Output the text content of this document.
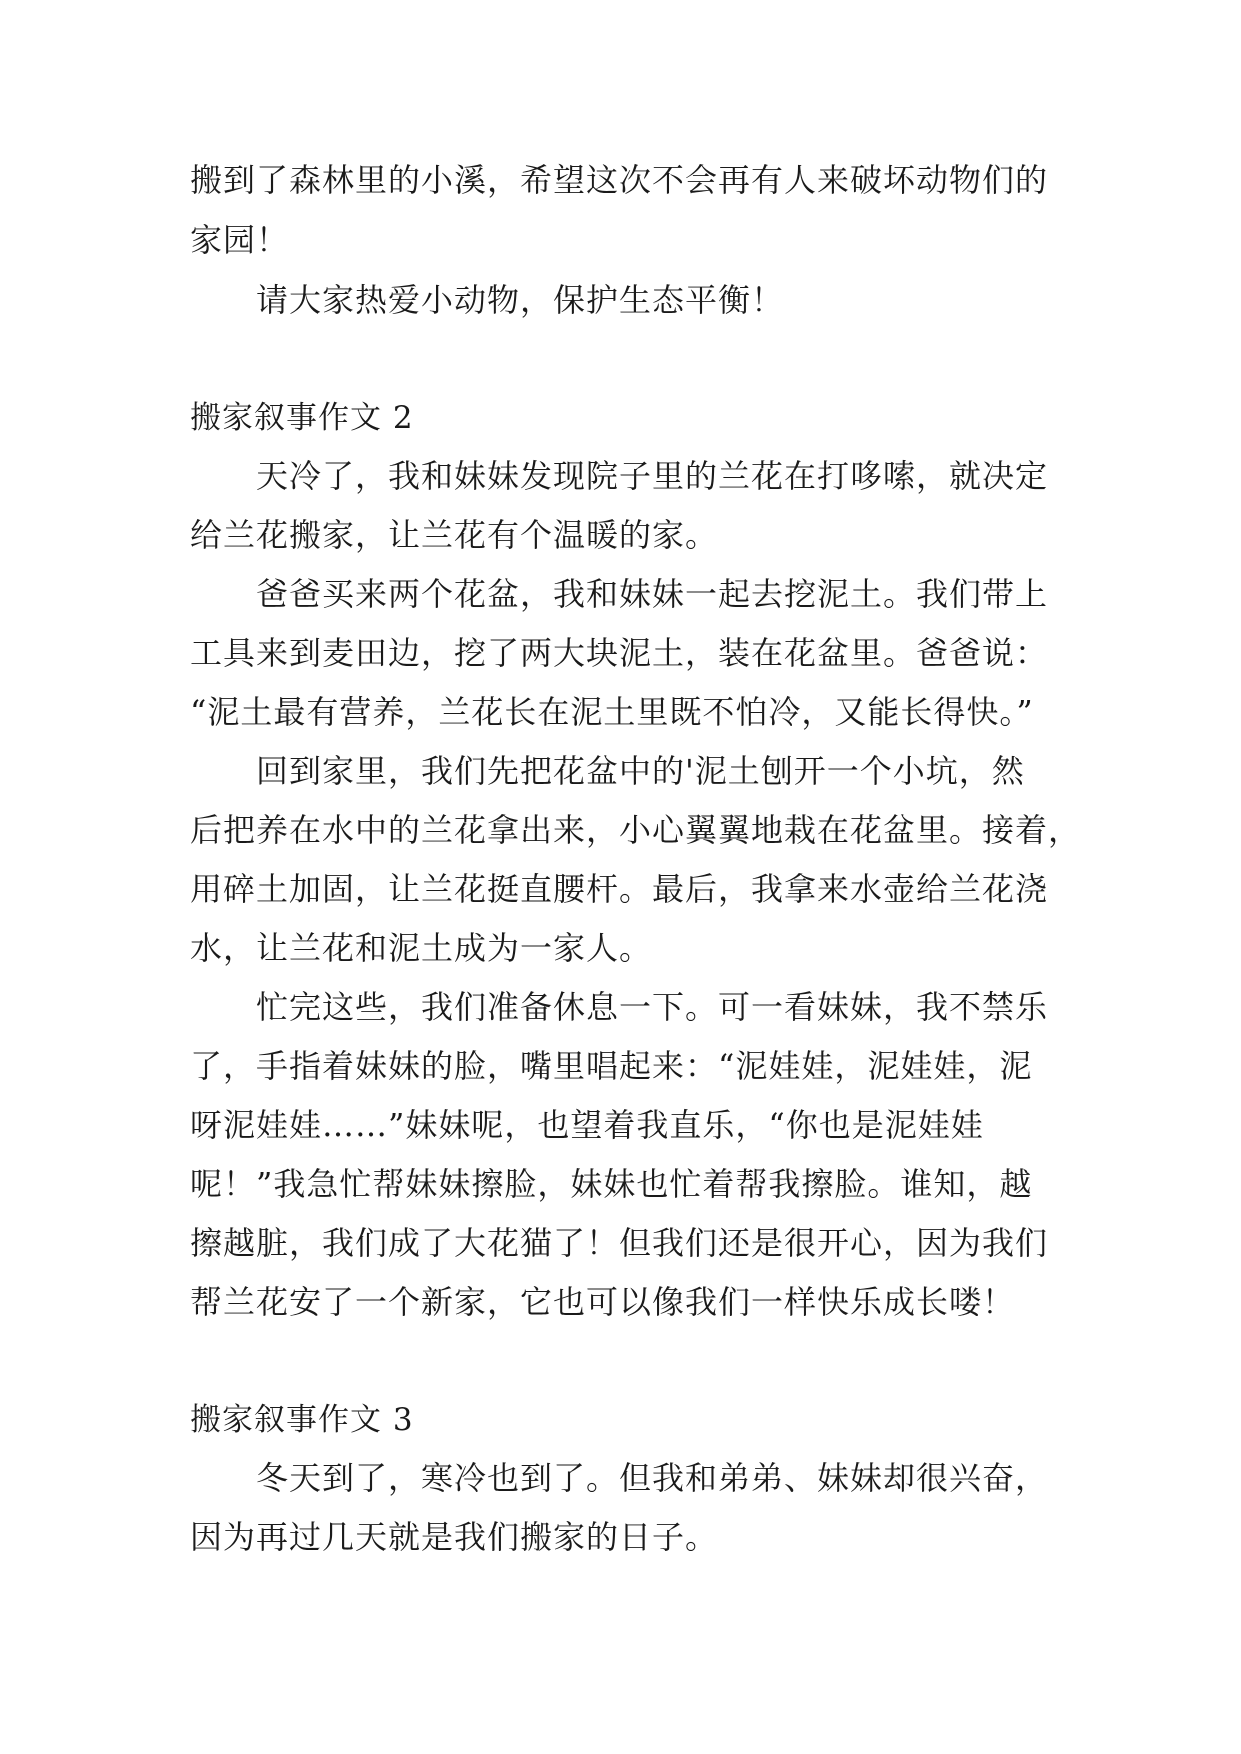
搬到了森林里的小溪，希望这次不会再有人来破坏动物们的
家园！
请大家热爱小动物，保护生态平衡！
搬家叙事作文 2
天冷了，我和妹妹发现院子里的兰花在打哆嗦，就决定
给兰花搬家，让兰花有个温暖的家。
爸爸买来两个花盆，我和妹妹一起去挖泥土。我们带上
工具来到麦田边，挖了两大块泥土，装在花盆里。爸爸说：
“泥土最有营养，兰花长在泥土里既不怕冷，又能长得快。”
回到家里，我们先把花盆中的'泥土刨开一个小坑，然
后把养在水中的兰花拿出来，小心翼翼地栽在花盆里。接着，
用碎土加固，让兰花挺直腰杆。最后，我拿来水壶给兰花浇
水，让兰花和泥土成为一家人。
忙完这些，我们准备休息一下。可一看妹妹，我不禁乐
了，手指着妹妹的脸，嘴里唱起来：“泥娃娃，泥娃娃，泥
呀泥娃娃……”妹妹呢，也望着我直乐，“你也是泥娃娃
呢！”我急忙帮妹妹擦脸，妹妹也忙着帮我擦脸。谁知，越
擦越脏，我们成了大花猫了！但我们还是很开心，因为我们
帮兰花安了一个新家，它也可以像我们一样快乐成长喽！
搬家叙事作文 3
冬天到了，寒冷也到了。但我和弟弟、妹妹却很兴奋，
因为再过几天就是我们搬家的日子。
